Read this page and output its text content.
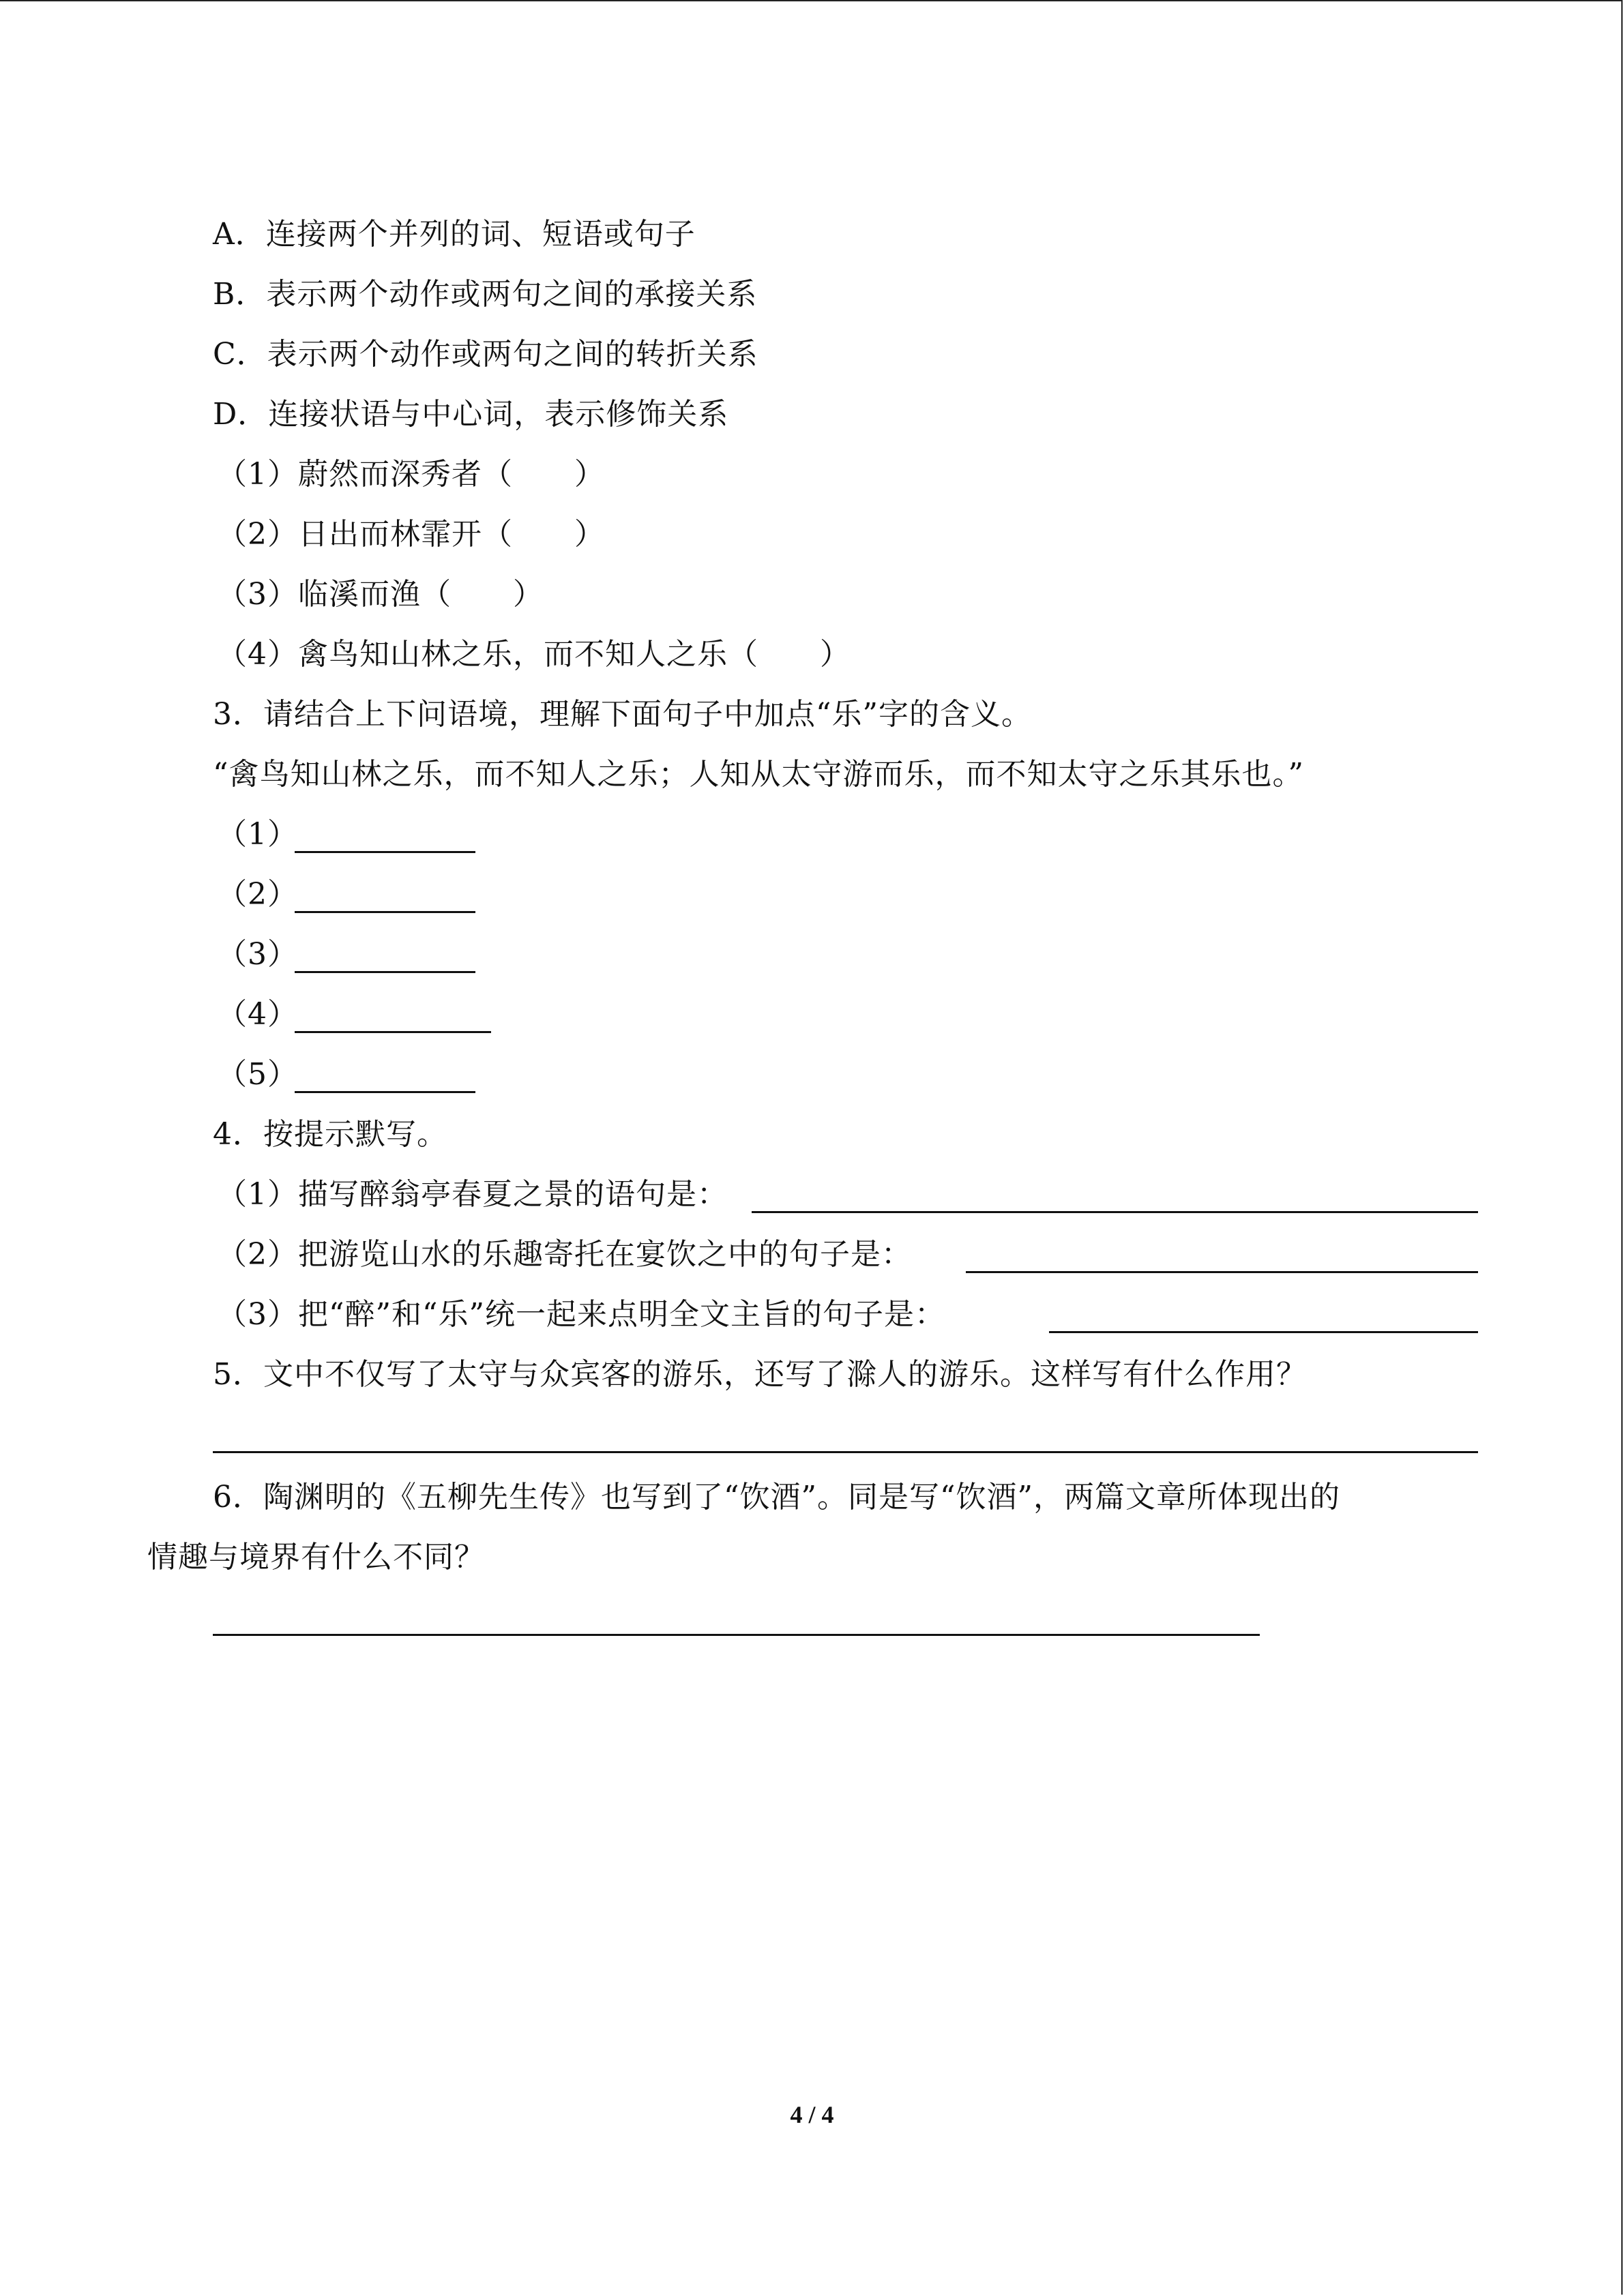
A．连接两个并列的词、短语或句子
B．表示两个动作或两句之间的承接关系
C．表示两个动作或两句之间的转折关系
D．连接状语与中心词，表示修饰关系
（1）蔚然而深秀者（　　）
（2）日出而林霏开（　　）
（3）临溪而渔（　　）
（4）禽鸟知山林之乐，而不知人之乐（　　）
3．请结合上下问语境，理解下面句子中加点“乐”字的含义。
“禽鸟知山林之乐，而不知人之乐；人知从太守游而乐，而不知太守之乐其乐也。”
（1）
（2）
（3）
（4）
（5）
4．按提示默写。
（1）描写醉翁亭春夏之景的语句是：
（2）把游览山水的乐趣寄托在宴饮之中的句子是：
（3）把“醉”和“乐”统一起来点明全文主旨的句子是：
5．文中不仅写了太守与众宾客的游乐，还写了滁人的游乐。这样写有什么作用？
6．陶渊明的《五柳先生传》也写到了“饮酒”。同是写“饮酒”，两篇文章所体现出的
情趣与境界有什么不同？
4 / 4
